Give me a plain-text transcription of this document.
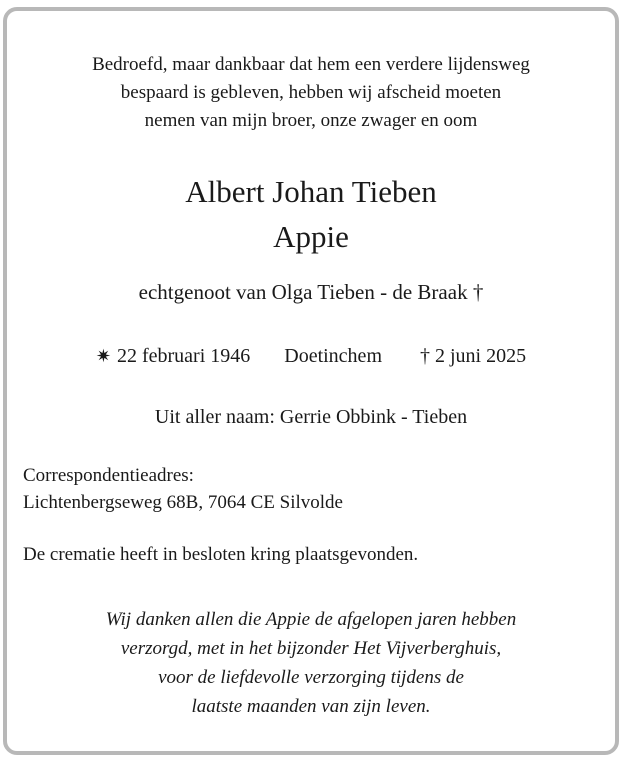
Bedroefd, maar dankbaar dat hem een verdere lijdensweg
bespaard is gebleven, hebben wij afscheid moeten
nemen van mijn broer, onze zwager en oom
Albert Johan Tieben
Appie
echtgenoot van Olga Tieben - de Braak †
✷ 22 februari 1946 Doetinchem † 2 juni 2025
Uit aller naam: Gerrie Obbink - Tieben
Correspondentieadres:
Lichtenbergseweg 68B, 7064 CE Silvolde
De crematie heeft in besloten kring plaatsgevonden.
Wij danken allen die Appie de afgelopen jaren hebben
verzorgd, met in het bijzonder Het Vijverberghuis,
voor de liefdevolle verzorging tijdens de
laatste maanden van zijn leven.
